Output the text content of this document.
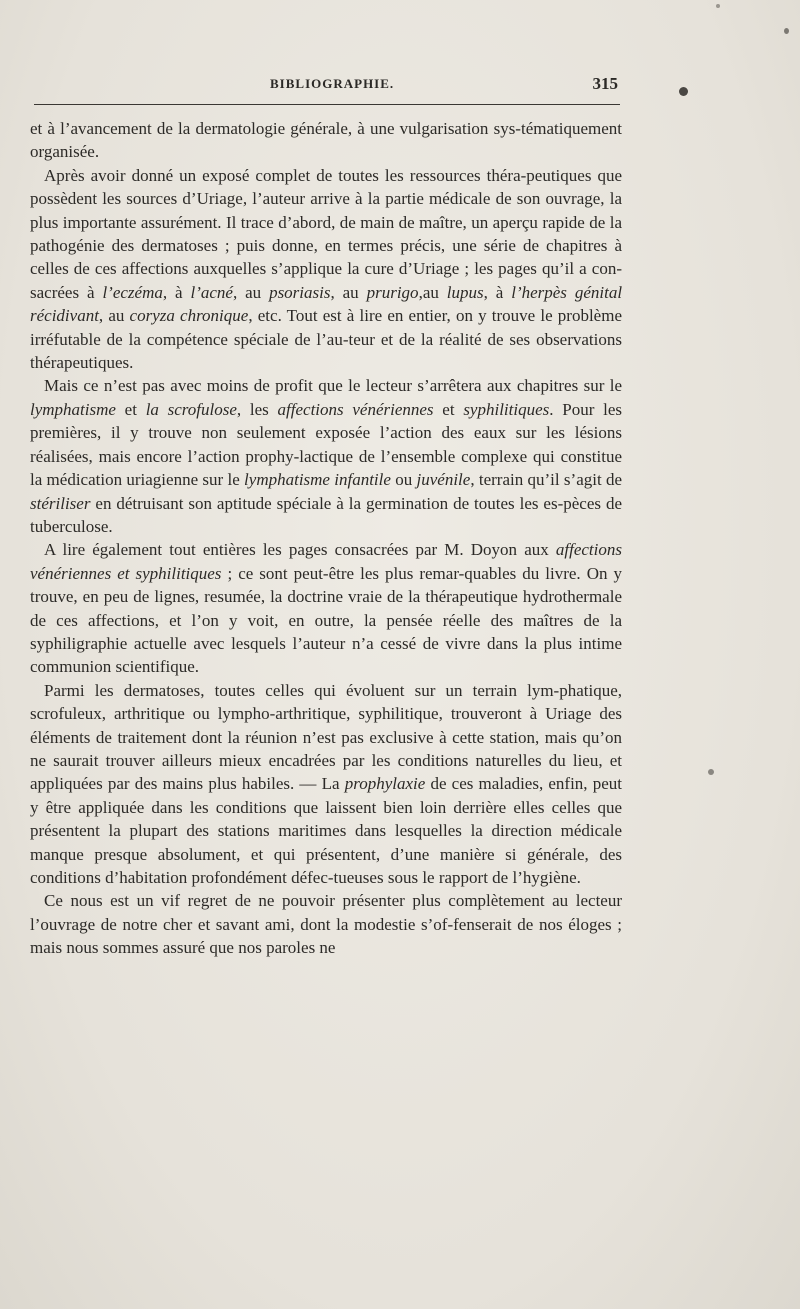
BIBLIOGRAPHIE.	315

et à l’avancement de la dermatologie générale, à une vulgarisation sys-tématiquement organisée.

Après avoir donné un exposé complet de toutes les ressources théra-peutiques que possèdent les sources d’Uriage, l’auteur arrive à la partie médicale de son ouvrage, la plus importante assurément. Il trace d’abord, de main de maître, un aperçu rapide de la pathogénie des dermatoses ; puis donne, en termes précis, une série de chapitres à celles de ces affections auxquelles s’applique la cure d’Uriage ; les pages qu’il a con-sacrées à l’eczéma, à l’acné, au psoriasis, au prurigo,au lupus, à l’herpès génital récidivant, au coryza chronique, etc. Tout est à lire en entier, on y trouve le problème irréfutable de la compétence spéciale de l’au-teur et de la réalité de ses observations thérapeutiques.

Mais ce n’est pas avec moins de profit que le lecteur s’arrêtera aux chapitres sur le lymphatisme et la scrofulose, les affections vénériennes et syphilitiques. Pour les premières, il y trouve non seulement exposée l’action des eaux sur les lésions réalisées, mais encore l’action prophy-lactique de l’ensemble complexe qui constitue la médication uriagienne sur le lymphatisme infantile ou juvénile, terrain qu’il s’agit de stériliser en détruisant son aptitude spéciale à la germination de toutes les es-pèces de tuberculose.

A lire également tout entières les pages consacrées par M. Doyon aux affections vénériennes et syphilitiques ; ce sont peut-être les plus remar-quables du livre. On y trouve, en peu de lignes, resumée, la doctrine vraie de la thérapeutique hydrothermale de ces affections, et l’on y voit, en outre, la pensée réelle des maîtres de la syphiligraphie actuelle avec lesquels l’auteur n’a cessé de vivre dans la plus intime communion scientifique.

Parmi les dermatoses, toutes celles qui évoluent sur un terrain lym-phatique, scrofuleux, arthritique ou lympho-arthritique, syphilitique, trouveront à Uriage des éléments de traitement dont la réunion n’est pas exclusive à cette station, mais qu’on ne saurait trouver ailleurs mieux encadrées par les conditions naturelles du lieu, et appliquées par des mains plus habiles. — La prophylaxie de ces maladies, enfin, peut y être appliquée dans les conditions que laissent bien loin derrière elles celles que présentent la plupart des stations maritimes dans lesquelles la direction médicale manque presque absolument, et qui présentent, d’une manière si générale, des conditions d’habitation profondément défec-tueuses sous le rapport de l’hygiène.

Ce nous est un vif regret de ne pouvoir présenter plus complètement au lecteur l’ouvrage de notre cher et savant ami, dont la modestie s’of-fenserait de nos éloges ; mais nous sommes assuré que nos paroles ne
